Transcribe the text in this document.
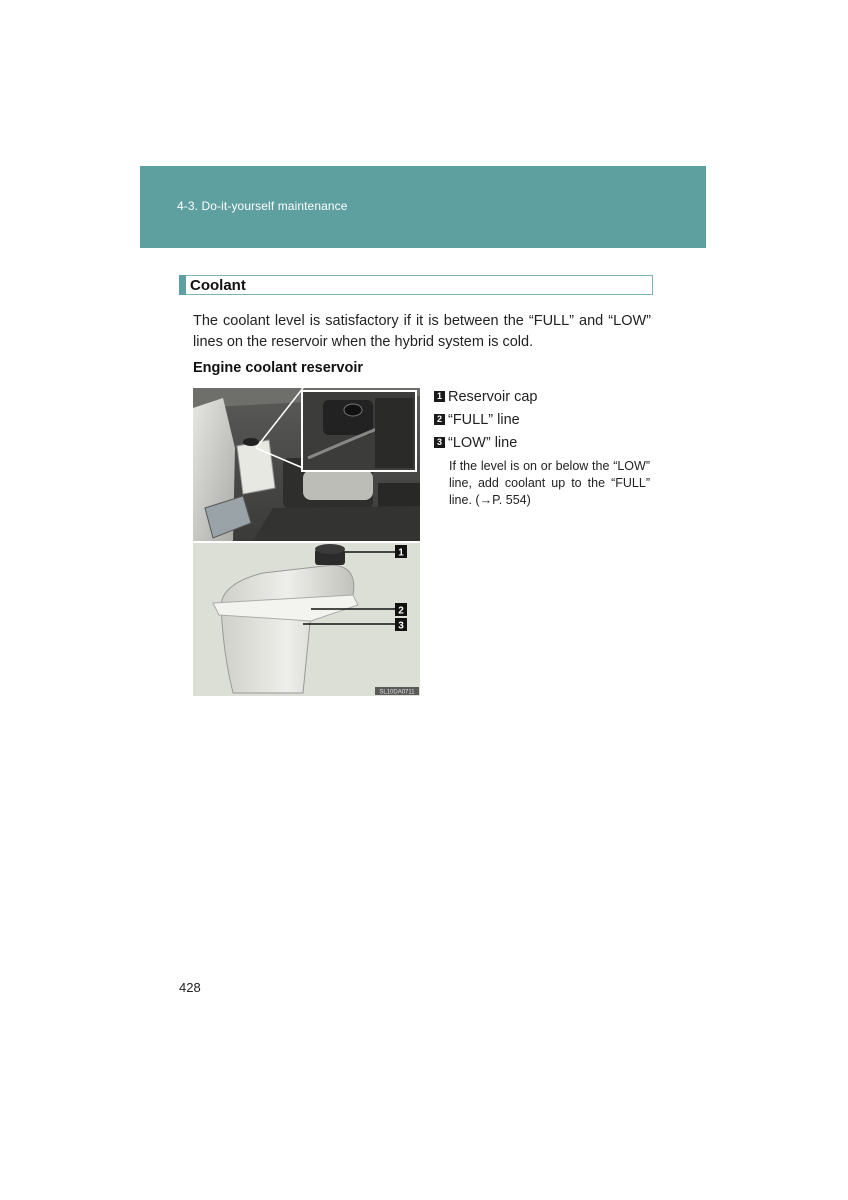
4-3. Do-it-yourself maintenance
Coolant
The coolant level is satisfactory if it is between the “FULL” and “LOW” lines on the reservoir when the hybrid system is cold.
Engine coolant reservoir
1
2
3
SL10DA0711
1 Reservoir cap
2 “FULL” line
3 “LOW” line
If the level is on or below the “LOW” line, add coolant up to the “FULL” line. (→P. 554)
428
